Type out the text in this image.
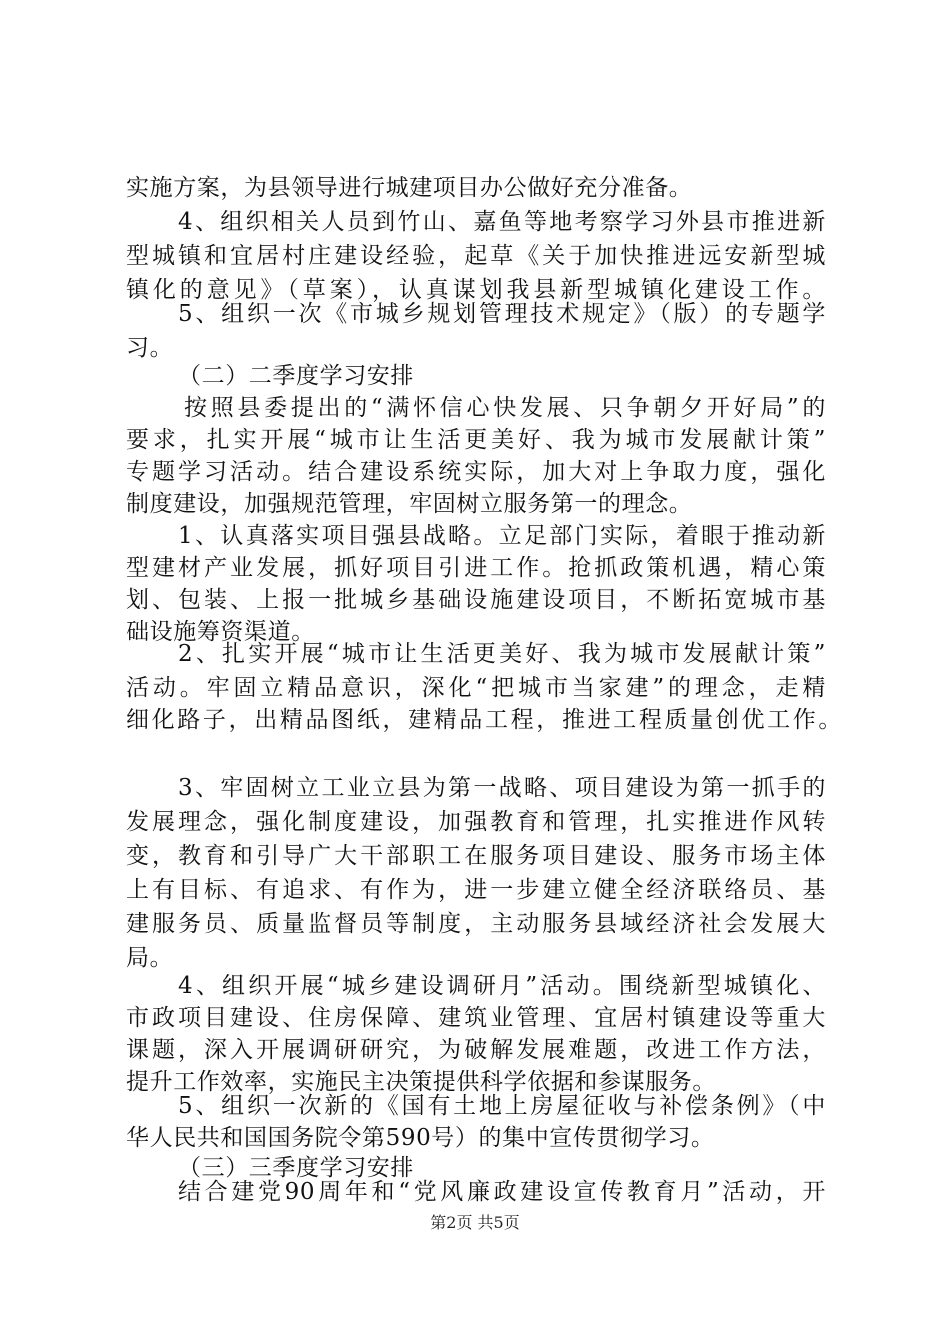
实施方案，为县领导进行城建项目办公做好充分准备。
4、组织相关人员到竹山、嘉鱼等地考察学习外县市推进新
型城镇和宜居村庄建设经验，起草《关于加快推进远安新型城
镇化的意见》（草案），认真谋划我县新型城镇化建设工作。
5、组织一次《市城乡规划管理技术规定》（版）的专题学
习。
（二）二季度学习安排
按照县委提出的“满怀信心快发展、只争朝夕开好局”的
要求，扎实开展“城市让生活更美好、我为城市发展献计策”
专题学习活动。结合建设系统实际，加大对上争取力度，强化
制度建设，加强规范管理，牢固树立服务第一的理念。
1、认真落实项目强县战略。立足部门实际，着眼于推动新
型建材产业发展，抓好项目引进工作。抢抓政策机遇，精心策
划、包装、上报一批城乡基础设施建设项目，不断拓宽城市基
础设施筹资渠道。
2、扎实开展“城市让生活更美好、我为城市发展献计策”
活动。牢固立精品意识，深化“把城市当家建”的理念，走精
细化路子，出精品图纸，建精品工程，推进工程质量创优工作。
3、牢固树立工业立县为第一战略、项目建设为第一抓手的
发展理念，强化制度建设，加强教育和管理，扎实推进作风转
变，教育和引导广大干部职工在服务项目建设、服务市场主体
上有目标、有追求、有作为，进一步建立健全经济联络员、基
建服务员、质量监督员等制度，主动服务县域经济社会发展大
局。
4、组织开展“城乡建设调研月”活动。围绕新型城镇化、
市政项目建设、住房保障、建筑业管理、宜居村镇建设等重大
课题，深入开展调研研究，为破解发展难题，改进工作方法，
提升工作效率，实施民主决策提供科学依据和参谋服务。
5、组织一次新的《国有土地上房屋征收与补偿条例》（中
华人民共和国国务院令第590号）的集中宣传贯彻学习。
（三）三季度学习安排
结合建党90周年和“党风廉政建设宣传教育月”活动，开
第2页 共5页
